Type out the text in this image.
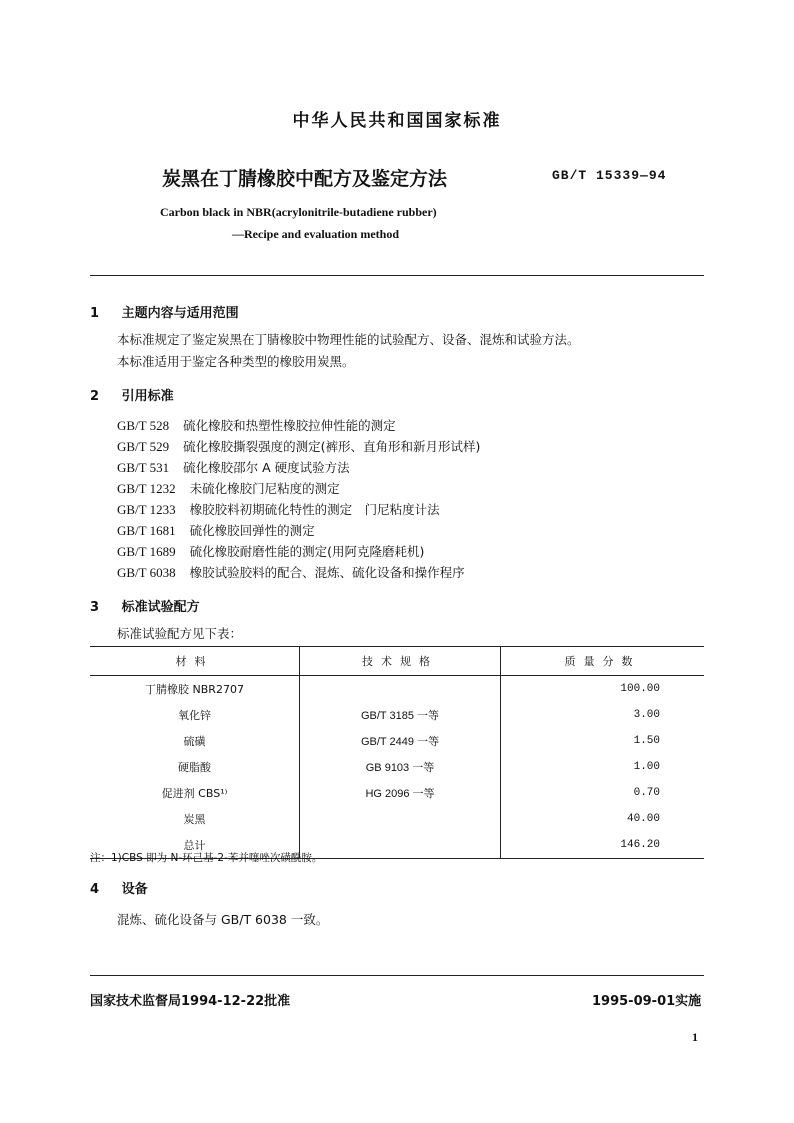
中华人民共和国国家标准
炭黑在丁腈橡胶中配方及鉴定方法	GB/T 15339—94
Carbon black in NBR(acrylonitrile-butadiene rubber)
—Recipe and evaluation method
1 主题内容与适用范围
本标准规定了鉴定炭黑在丁腈橡胶中物理性能的试验配方、设备、混炼和试验方法。
本标准适用于鉴定各种类型的橡胶用炭黑。
2 引用标准
GB/T 528 硫化橡胶和热塑性橡胶拉伸性能的测定
GB/T 529 硫化橡胶撕裂强度的测定(裤形、直角形和新月形试样)
GB/T 531 硫化橡胶邵尔 A 硬度试验方法
GB/T 1232 未硫化橡胶门尼粘度的测定
GB/T 1233 橡胶胶料初期硫化特性的测定　门尼粘度计法
GB/T 1681 硫化橡胶回弹性的测定
GB/T 1689 硫化橡胶耐磨性能的测定(用阿克隆磨耗机)
GB/T 6038 橡胶试验胶料的配合、混炼、硫化设备和操作程序
3 标准试验配方
标准试验配方见下表：
材料	技术规格	质量分数
丁腈橡胶 NBR2707		100.00
氧化锌	GB/T 3185 一等	3.00
硫磺	GB/T 2449 一等	1.50
硬脂酸	GB 9103 一等	1.00
促进剂 CBS¹⁾	HG 2096 一等	0.70
炭黑		40.00
总计		146.20
注：1)CBS 即为 N-环己基-2-苯并噻唑次磺酰胺。
4 设备
混炼、硫化设备与 GB/T 6038 一致。
国家技术监督局1994-12-22批准	1995-09-01实施
1
